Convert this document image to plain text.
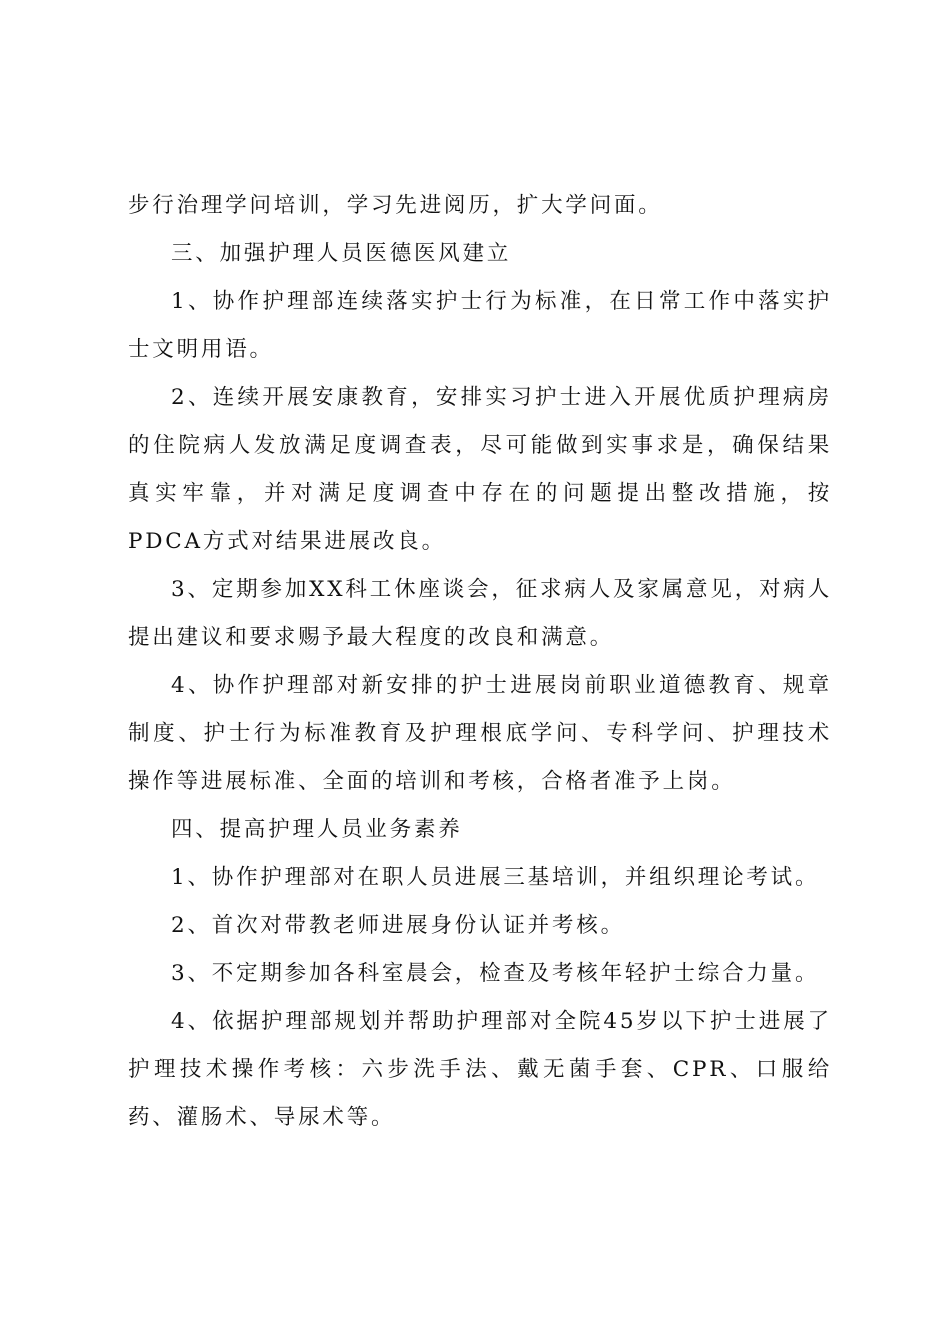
步行治理学问培训，学习先进阅历，扩大学问面。

三、加强护理人员医德医风建立

1、协作护理部连续落实护士行为标准，在日常工作中落实护士文明用语。

2、连续开展安康教育，安排实习护士进入开展优质护理病房的住院病人发放满足度调查表，尽可能做到实事求是，确保结果真实牢靠，并对满足度调查中存在的问题提出整改措施，按PDCA方式对结果进展改良。

3、定期参加XX科工休座谈会，征求病人及家属意见，对病人提出建议和要求赐予最大程度的改良和满意。

4、协作护理部对新安排的护士进展岗前职业道德教育、规章制度、护士行为标准教育及护理根底学问、专科学问、护理技术操作等进展标准、全面的培训和考核，合格者准予上岗。

四、提高护理人员业务素养

1、协作护理部对在职人员进展三基培训，并组织理论考试。

2、首次对带教老师进展身份认证并考核。

3、不定期参加各科室晨会，检查及考核年轻护士综合力量。

4、依据护理部规划并帮助护理部对全院45岁以下护士进展了护理技术操作考核：六步洗手法、戴无菌手套、CPR、口服给药、灌肠术、导尿术等。
